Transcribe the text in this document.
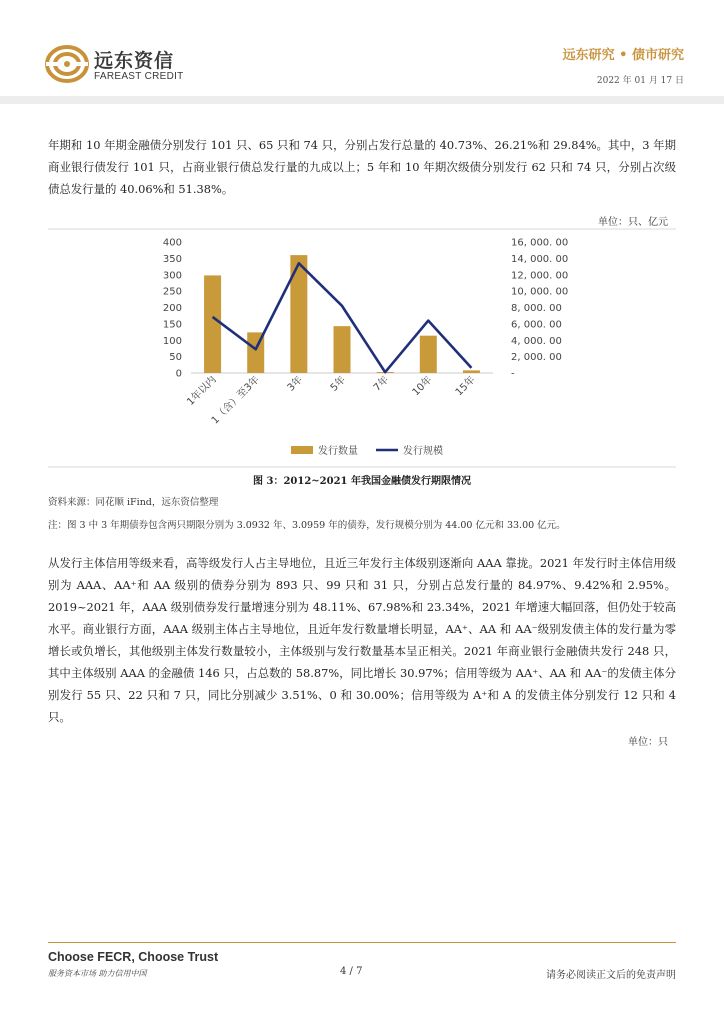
远东资信
FAREAST CREDIT
远东研究 • 债市研究
2022 年 01 月 17 日
年期和 10 年期金融债分别发行 101 只、65 只和 74 只，分别占发行总量的 40.73%、26.21%和 29.84%。其中，3 年期商业银行债发行 101 只，占商业银行债总发行量的九成以上；5 年和 10 年期次级债分别发行 62 只和 74 只，分别占次级债总发行量的 40.06%和 51.38%。
单位：只、亿元
0
50
100
150
200
250
300
350
400
-
2, 000. 00
4, 000. 00
6, 000. 00
8, 000. 00
10, 000. 00
12, 000. 00
14, 000. 00
16, 000. 00
1年以内
1（含）至3年 3年 5年 7年 10年 15年
发行数量	发行规模
图 3：2012~2021 年我国金融债发行期限情况
资料来源：同花顺 iFind，远东资信整理
注：图 3 中 3 年期债券包含两只期限分别为 3.0932 年、3.0959 年的债券，发行规模分别为 44.00 亿元和 33.00 亿元。
从发行主体信用等级来看，高等级发行人占主导地位，且近三年发行主体级别逐渐向 AAA 靠拢。2021 年发行时主体信用级别为 AAA、AA⁺和 AA 级别的债券分别为 893 只、99 只和 31 只，分别占总发行量的 84.97%、9.42%和 2.95%。2019~2021 年，AAA 级别债券发行量增速分别为 48.11%、67.98%和 23.34%，2021 年增速大幅回落，但仍处于较高水平。商业银行方面，AAA 级别主体占主导地位，且近年发行数量增长明显，AA⁺、AA 和 AA⁻级别发债主体的发行量为零增长或负增长，其他级别主体发行数量较小，主体级别与发行数量基本呈正相关。2021 年商业银行金融债共发行 248 只，其中主体级别 AAA 的金融债 146 只，占总数的 58.87%，同比增长 30.97%；信用等级为 AA⁺、AA 和 AA⁻的发债主体分别发行 55 只、22 只和 7 只，同比分别减少 3.51%、0 和 30.00%；信用等级为 A⁺和 A 的发债主体分别发行 12 只和 4 只。
单位：只
Choose FECR, Choose Trust
服务资本市场 助力信用中国	4 / 7	请务必阅读正文后的免责声明
